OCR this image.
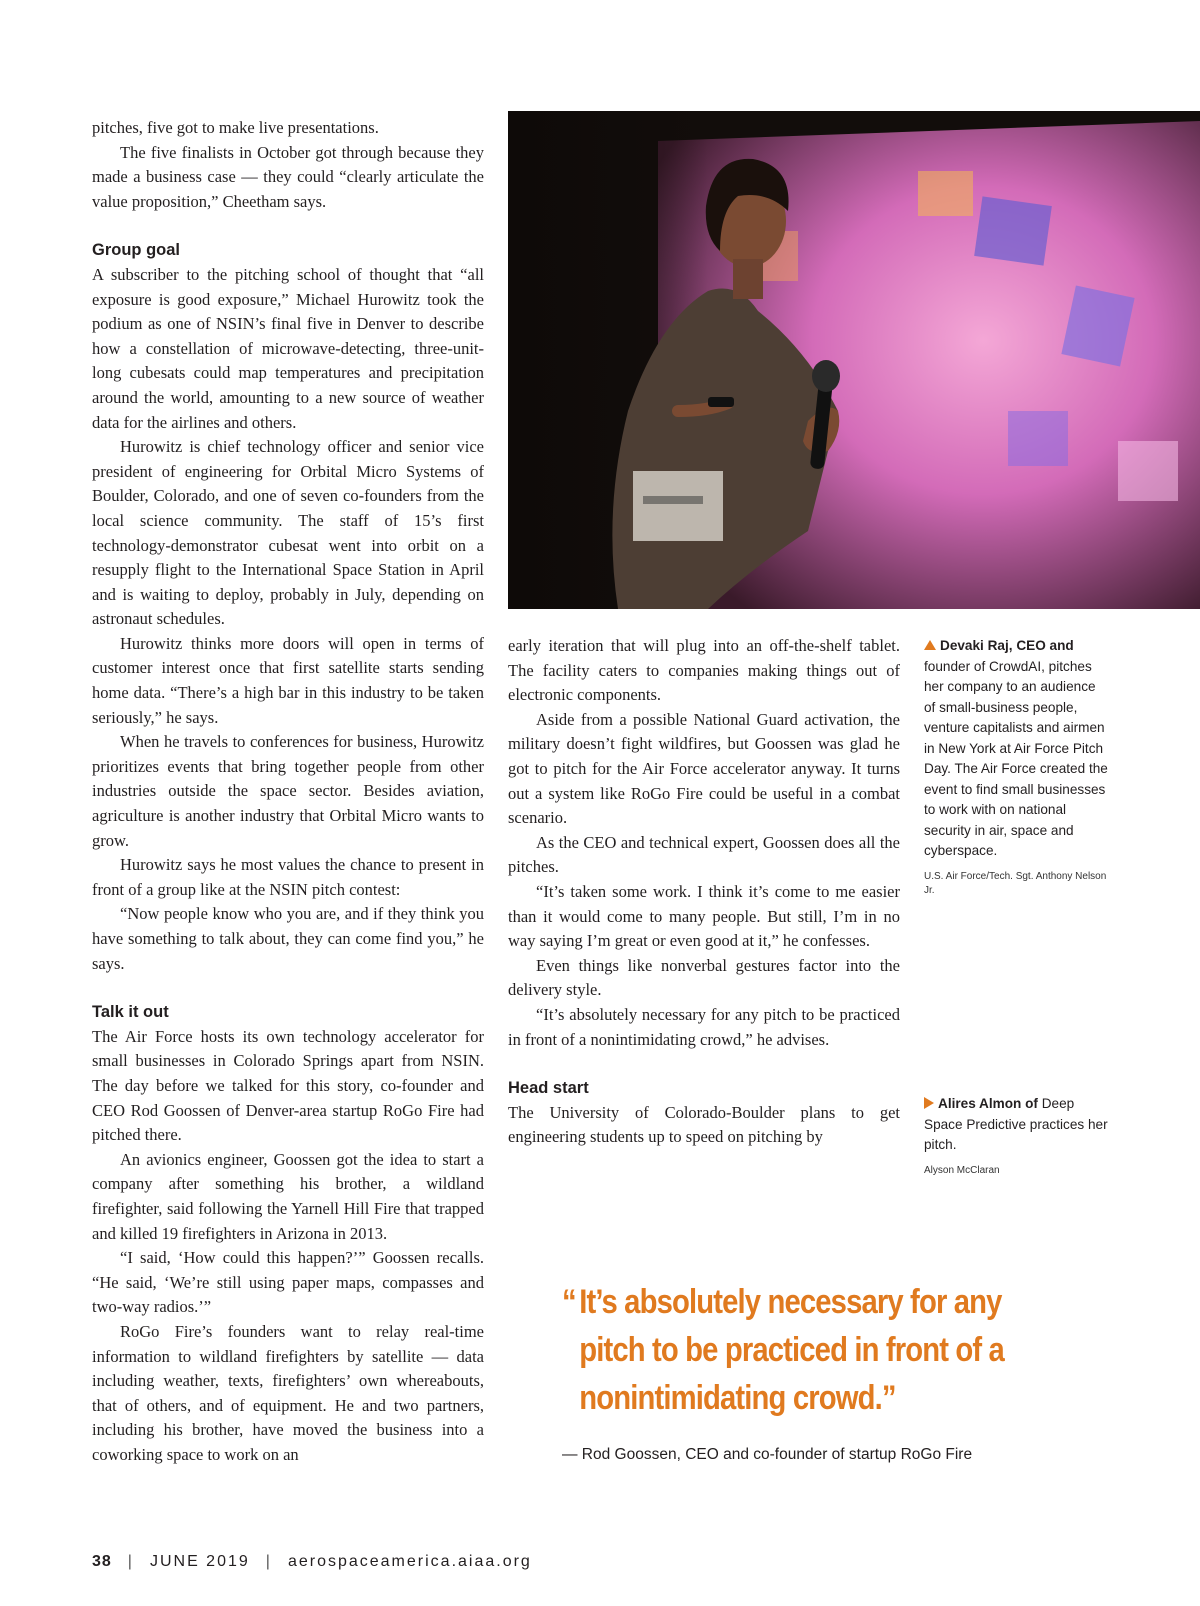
pitches, five got to make live presentations.

The five finalists in October got through because they made a business case — they could “clearly articulate the value proposition,” Cheetham says.

Group goal

A subscriber to the pitching school of thought that “all exposure is good exposure,” Michael Hurowitz took the podium as one of NSIN’s final five in Denver to describe how a constellation of microwave-detecting, three-unit-long cubesats could map temperatures and precipitation around the world, amounting to a new source of weather data for the airlines and others.

Hurowitz is chief technology officer and senior vice president of engineering for Orbital Micro Systems of Boulder, Colorado, and one of seven co-founders from the local science community. The staff of 15’s first technology-demonstrator cubesat went into orbit on a resupply flight to the International Space Station in April and is waiting to deploy, probably in July, depending on astronaut schedules.

Hurowitz thinks more doors will open in terms of customer interest once that first satellite starts sending home data. “There’s a high bar in this industry to be taken seriously,” he says.

When he travels to conferences for business, Hurowitz prioritizes events that bring together people from other industries outside the space sector. Besides aviation, agriculture is another industry that Orbital Micro wants to grow.

Hurowitz says he most values the chance to present in front of a group like at the NSIN pitch contest:

“Now people know who you are, and if they think you have something to talk about, they can come find you,” he says.

Talk it out

The Air Force hosts its own technology accelerator for small businesses in Colorado Springs apart from NSIN. The day before we talked for this story, co-founder and CEO Rod Goossen of Denver-area startup RoGo Fire had pitched there.

An avionics engineer, Goossen got the idea to start a company after something his brother, a wildland firefighter, said following the Yarnell Hill Fire that trapped and killed 19 firefighters in Arizona in 2013.

“I said, ‘How could this happen?’” Goossen recalls. “He said, ‘We’re still using paper maps, compasses and two-way radios.’”

RoGo Fire’s founders want to relay real-time information to wildland firefighters by satellite — data including weather, texts, firefighters’ own whereabouts, that of others, and of equipment. He and two partners, including his brother, have moved the business into a coworking space to work on an

early iteration that will plug into an off-the-shelf tablet. The facility caters to companies making things out of electronic components.

Aside from a possible National Guard activation, the military doesn’t fight wildfires, but Goossen was glad he got to pitch for the Air Force accelerator anyway. It turns out a system like RoGo Fire could be useful in a combat scenario.

As the CEO and technical expert, Goossen does all the pitches.

“It’s taken some work. I think it’s come to me easier than it would come to many people. But still, I’m in no way saying I’m great or even good at it,” he confesses.

Even things like nonverbal gestures factor into the delivery style.

“It’s absolutely necessary for any pitch to be practiced in front of a nonintimidating crowd,” he advises.

Head start

The University of Colorado-Boulder plans to get engineering students up to speed on pitching by

Devaki Raj, CEO and founder of CrowdAI, pitches her company to an audience of small-business people, venture capitalists and airmen in New York at Air Force Pitch Day. The Air Force created the event to find small businesses to work with on national security in air, space and cyberspace.
U.S. Air Force/Tech. Sgt. Anthony Nelson Jr.
Alires Almon of Deep Space Predictive practices her pitch.
Alyson McClaran
“ It’s absolutely necessary for any pitch to be practiced in front of a nonintimidating crowd.”
— Rod Goossen, CEO and co-founder of startup RoGo Fire
38 | JUNE 2019 | aerospaceamerica.aiaa.org
